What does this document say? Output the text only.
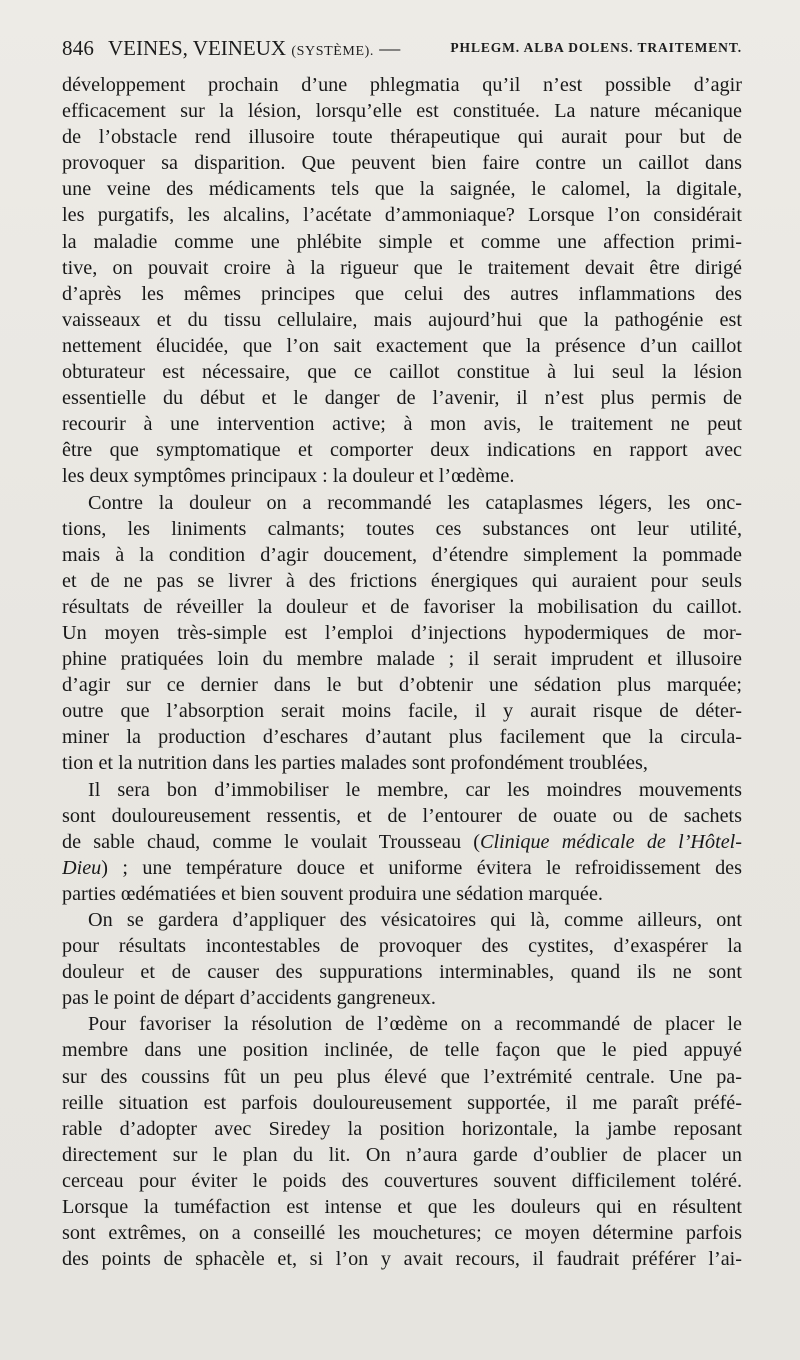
846 VEINES, VEINEUX (SYSTÈME). —	PHLEGM. ALBA DOLENS. TRAITEMENT.
développement prochain d’une phlegmatia qu’il n’est possible d’agir
efficacement sur la lésion, lorsqu’elle est constituée. La nature mécanique
de l’obstacle rend illusoire toute thérapeutique qui aurait pour but de
provoquer sa disparition. Que peuvent bien faire contre un caillot dans
une veine des médicaments tels que la saignée, le calomel, la digitale,
les purgatifs, les alcalins, l’acétate d’ammoniaque? Lorsque l’on considérait
la maladie comme une phlébite simple et comme une affection primi-
tive, on pouvait croire à la rigueur que le traitement devait être dirigé
d’après les mêmes principes que celui des autres inflammations des
vaisseaux et du tissu cellulaire, mais aujourd’hui que la pathogénie est
nettement élucidée, que l’on sait exactement que la présence d’un caillot
obturateur est nécessaire, que ce caillot constitue à lui seul la lésion
essentielle du début et le danger de l’avenir, il n’est plus permis de
recourir à une intervention active; à mon avis, le traitement ne peut
être que symptomatique et comporter deux indications en rapport avec
les deux symptômes principaux : la douleur et l’œdème.
Contre la douleur on a recommandé les cataplasmes légers, les onc-
tions, les liniments calmants; toutes ces substances ont leur utilité,
mais à la condition d’agir doucement, d’étendre simplement la pommade
et de ne pas se livrer à des frictions énergiques qui auraient pour seuls
résultats de réveiller la douleur et de favoriser la mobilisation du caillot.
Un moyen très-simple est l’emploi d’injections hypodermiques de mor-
phine pratiquées loin du membre malade ; il serait imprudent et illusoire
d’agir sur ce dernier dans le but d’obtenir une sédation plus marquée;
outre que l’absorption serait moins facile, il y aurait risque de déter-
miner la production d’eschares d’autant plus facilement que la circula-
tion et la nutrition dans les parties malades sont profondément troublées,
Il sera bon d’immobiliser le membre, car les moindres mouvements
sont douloureusement ressentis, et de l’entourer de ouate ou de sachets
de sable chaud, comme le voulait Trousseau (Clinique médicale de l’Hôtel-
Dieu) ; une température douce et uniforme évitera le refroidissement des
parties œdématiées et bien souvent produira une sédation marquée.
On se gardera d’appliquer des vésicatoires qui là, comme ailleurs, ont
pour résultats incontestables de provoquer des cystites, d’exaspérer la
douleur et de causer des suppurations interminables, quand ils ne sont
pas le point de départ d’accidents gangreneux.
Pour favoriser la résolution de l’œdème on a recommandé de placer le
membre dans une position inclinée, de telle façon que le pied appuyé
sur des coussins fût un peu plus élevé que l’extrémité centrale. Une pa-
reille situation est parfois douloureusement supportée, il me paraît préfé-
rable d’adopter avec Siredey la position horizontale, la jambe reposant
directement sur le plan du lit. On n’aura garde d’oublier de placer un
cerceau pour éviter le poids des couvertures souvent difficilement toléré.
Lorsque la tuméfaction est intense et que les douleurs qui en résultent
sont extrêmes, on a conseillé les mouchetures; ce moyen détermine parfois
des points de sphacèle et, si l’on y avait recours, il faudrait préférer l’ai-
